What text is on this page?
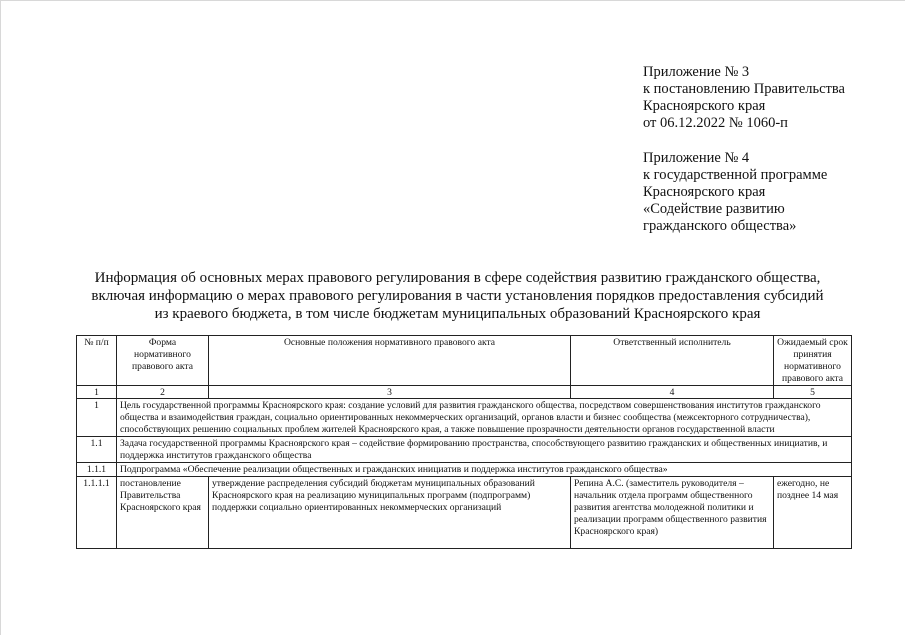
Приложение № 3
к постановлению Правительства
Красноярского края
от 06.12.2022 № 1060-п
Приложение № 4
к государственной программе
Красноярского края
«Содействие развитию
гражданского общества»
Информация об основных мерах правового регулирования в сфере содействия развитию гражданского общества,
включая информацию о мерах правового регулирования в части установления порядков предоставления субсидий
из краевого бюджета, в том числе бюджетам муниципальных образований Красноярского края
№ п/п	Форма нормативного правового акта	Основные положения нормативного правового акта	Ответственный исполнитель	Ожидаемый срок принятия нормативного правового акта
1	2	3	4	5
1	Цель государственной программы Красноярского края: создание условий для развития гражданского общества, посредством совершенствования институтов гражданского общества и взаимодействия граждан, социально ориентированных некоммерческих организаций, органов власти и бизнес сообщества (межсекторного сотрудничества), способствующих решению социальных проблем жителей Красноярского края, а также повышение прозрачности деятельности органов государственной власти			
1.1	Задача государственной программы Красноярского края – содействие формированию пространства, способствующего развитию гражданских и общественных инициатив, и поддержка институтов гражданского общества			
1.1.1	Подпрограмма «Обеспечение реализации общественных и гражданских инициатив и поддержка институтов гражданского общества»			
1.1.1.1	постановление Правительства Красноярского края	утверждение распределения субсидий бюджетам муниципальных образований Красноярского края на реализацию муниципальных программ (подпрограмм) поддержки социально ориентированных некоммерческих организаций	Репина А.С. (заместитель руководителя – начальник отдела программ общественного развития агентства молодежной политики и реализации программ общественного развития Красноярского края)	ежегодно, не позднее 14 мая
